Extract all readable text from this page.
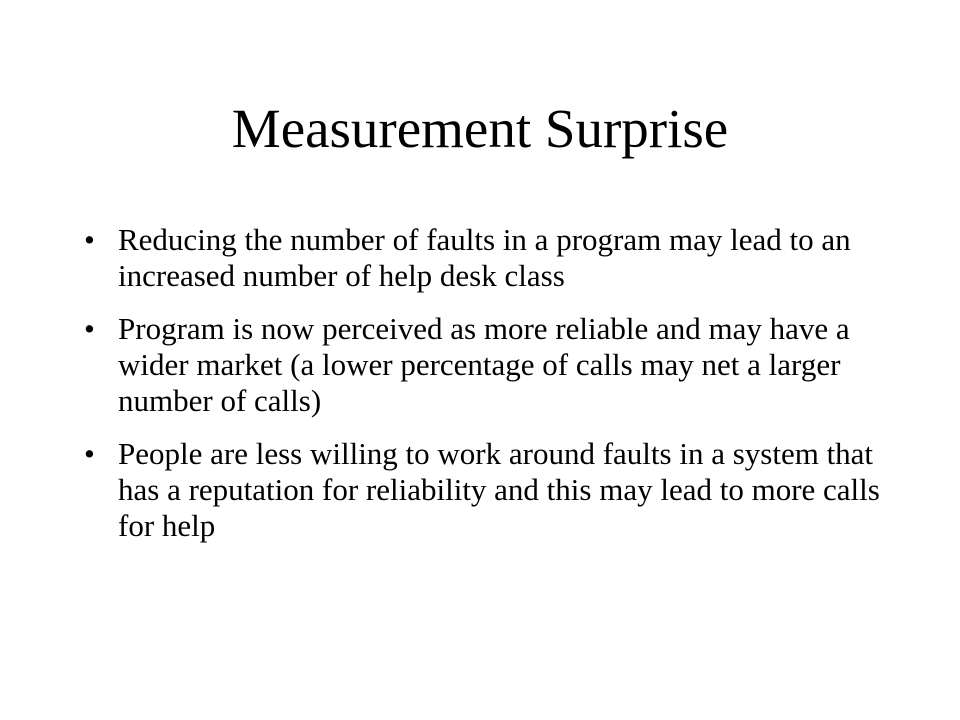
Measurement Surprise
• Reducing the number of faults in a program may lead to an increased number of help desk class
• Program is now perceived as more reliable and may have a wider market (a lower percentage of calls may net a larger number of calls)
• People are less willing to work around faults in a system that has a reputation for reliability and this may lead to more calls for help
